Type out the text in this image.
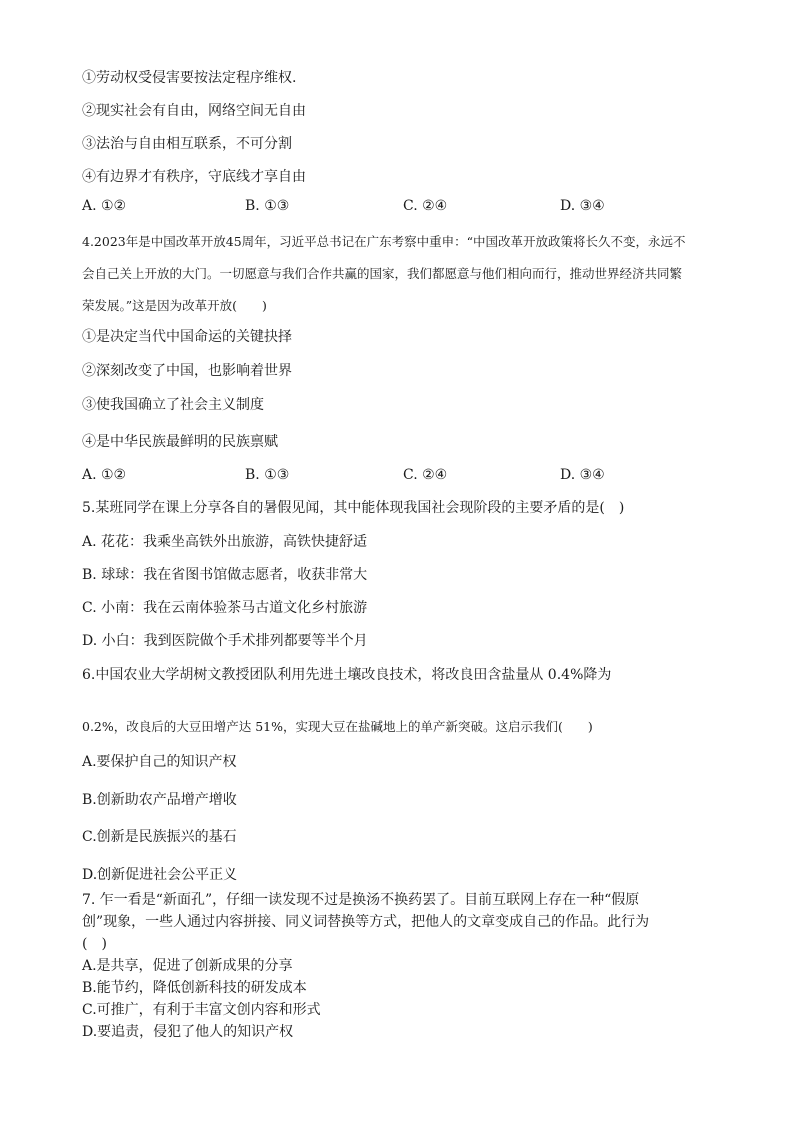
①劳动权受侵害要按法定程序维权.
②现实社会有自由，网络空间无自由
③法治与自由相互联系，不可分割
④有边界才有秩序，守底线才享自由
A. ①②	B. ①③	C. ②④	D. ③④
4.2023年是中国改革开放45周年，习近平总书记在广东考察中重申：“中国改革开放政策将长久不变，永远不
会自己关上开放的大门。一切愿意与我们合作共赢的国家，我们都愿意与他们相向而行，推动世界经济共同繁
荣发展。”这是因为改革开放(　　)
①是决定当代中国命运的关键抉择
②深刻改变了中国，也影响着世界
③使我国确立了社会主义制度
④是中华民族最鲜明的民族禀赋
A. ①②	B. ①③	C. ②④	D. ③④
5.某班同学在课上分享各自的暑假见闻，其中能体现我国社会现阶段的主要矛盾的是(　)
A. 花花：我乘坐高铁外出旅游，高铁快捷舒适
B. 球球：我在省图书馆做志愿者，收获非常大
C. 小南：我在云南体验茶马古道文化乡村旅游
D. 小白：我到医院做个手术排列都要等半个月
6.中国农业大学胡树文教授团队利用先进土壤改良技术，将改良田含盐量从 0.4%降为
0.2%，改良后的大豆田增产达 51%，实现大豆在盐碱地上的单产新突破。这启示我们(　　)
A.要保护自己的知识产权
B.创新助农产品增产增收
C.创新是民族振兴的基石
D.创新促进社会公平正义
7. 乍一看是“新面孔”，仔细一读发现不过是换汤不换药罢了。目前互联网上存在一种“假原
创”现象，一些人通过内容拼接、同义词替换等方式，把他人的文章变成自己的作品。此行为
(　)
A.是共享，促进了创新成果的分享
B.能节约，降低创新科技的研发成本
C.可推广，有利于丰富文创内容和形式
D.要追责，侵犯了他人的知识产权
